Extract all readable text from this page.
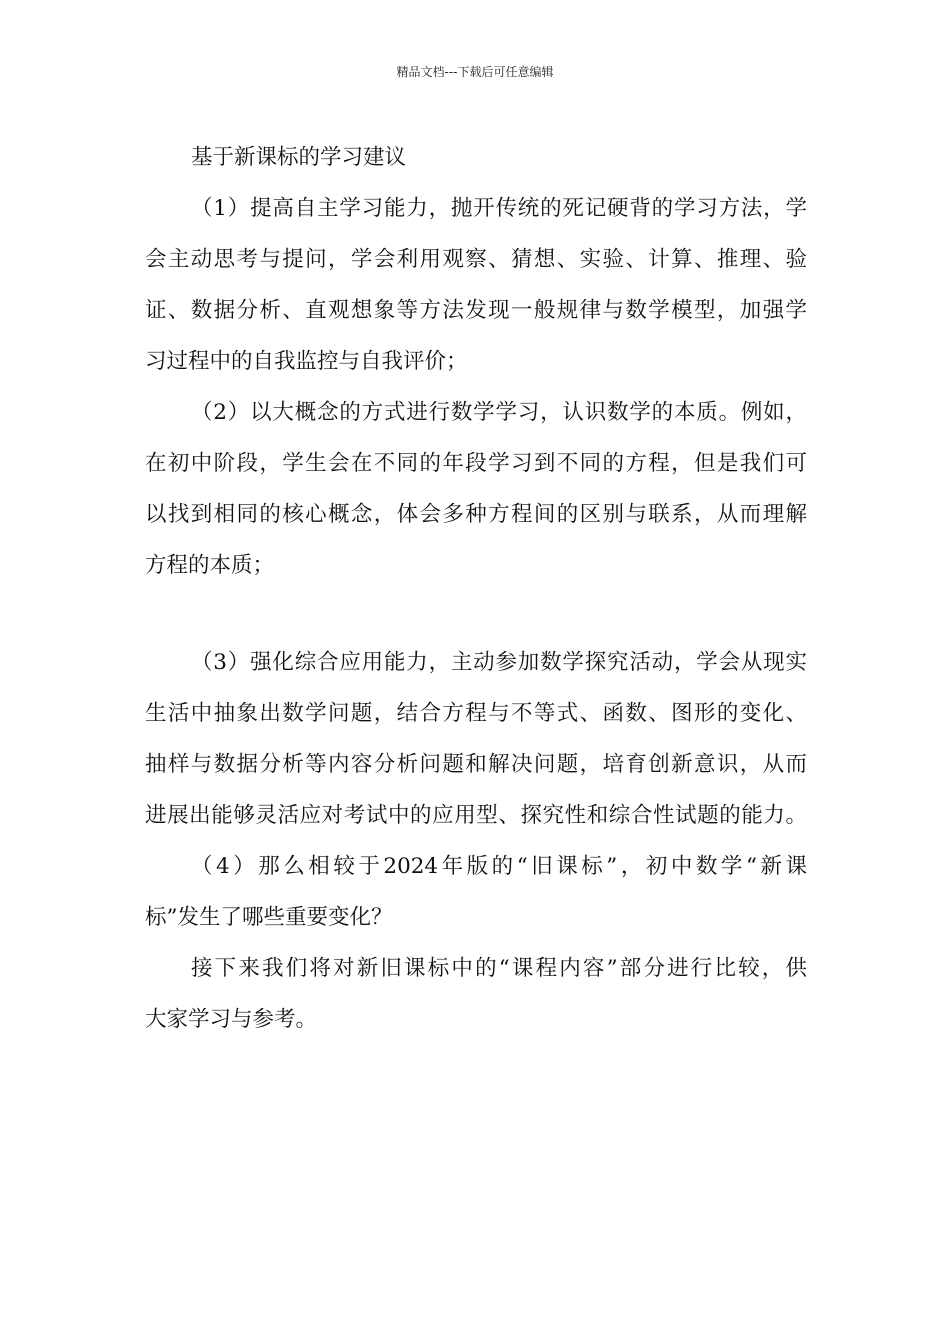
精品文档---下载后可任意编辑
基于新课标的学习建议
（1）提高自主学习能力，抛开传统的死记硬背的学习方法，学
会主动思考与提问，学会利用观察、猜想、实验、计算、推理、验
证、数据分析、直观想象等方法发现一般规律与数学模型，加强学
习过程中的自我监控与自我评价；
（2）以大概念的方式进行数学学习，认识数学的本质。例如，
在初中阶段，学生会在不同的年段学习到不同的方程，但是我们可
以找到相同的核心概念，体会多种方程间的区别与联系，从而理解
方程的本质；
（3）强化综合应用能力，主动参加数学探究活动，学会从现实
生活中抽象出数学问题，结合方程与不等式、函数、图形的变化、
抽样与数据分析等内容分析问题和解决问题，培育创新意识，从而
进展出能够灵活应对考试中的应用型、探究性和综合性试题的能力。
（4）那么相较于2024年版的“旧课标”，初中数学“新课
标”发生了哪些重要变化？
接下来我们将对新旧课标中的“课程内容”部分进行比较，供
大家学习与参考。
